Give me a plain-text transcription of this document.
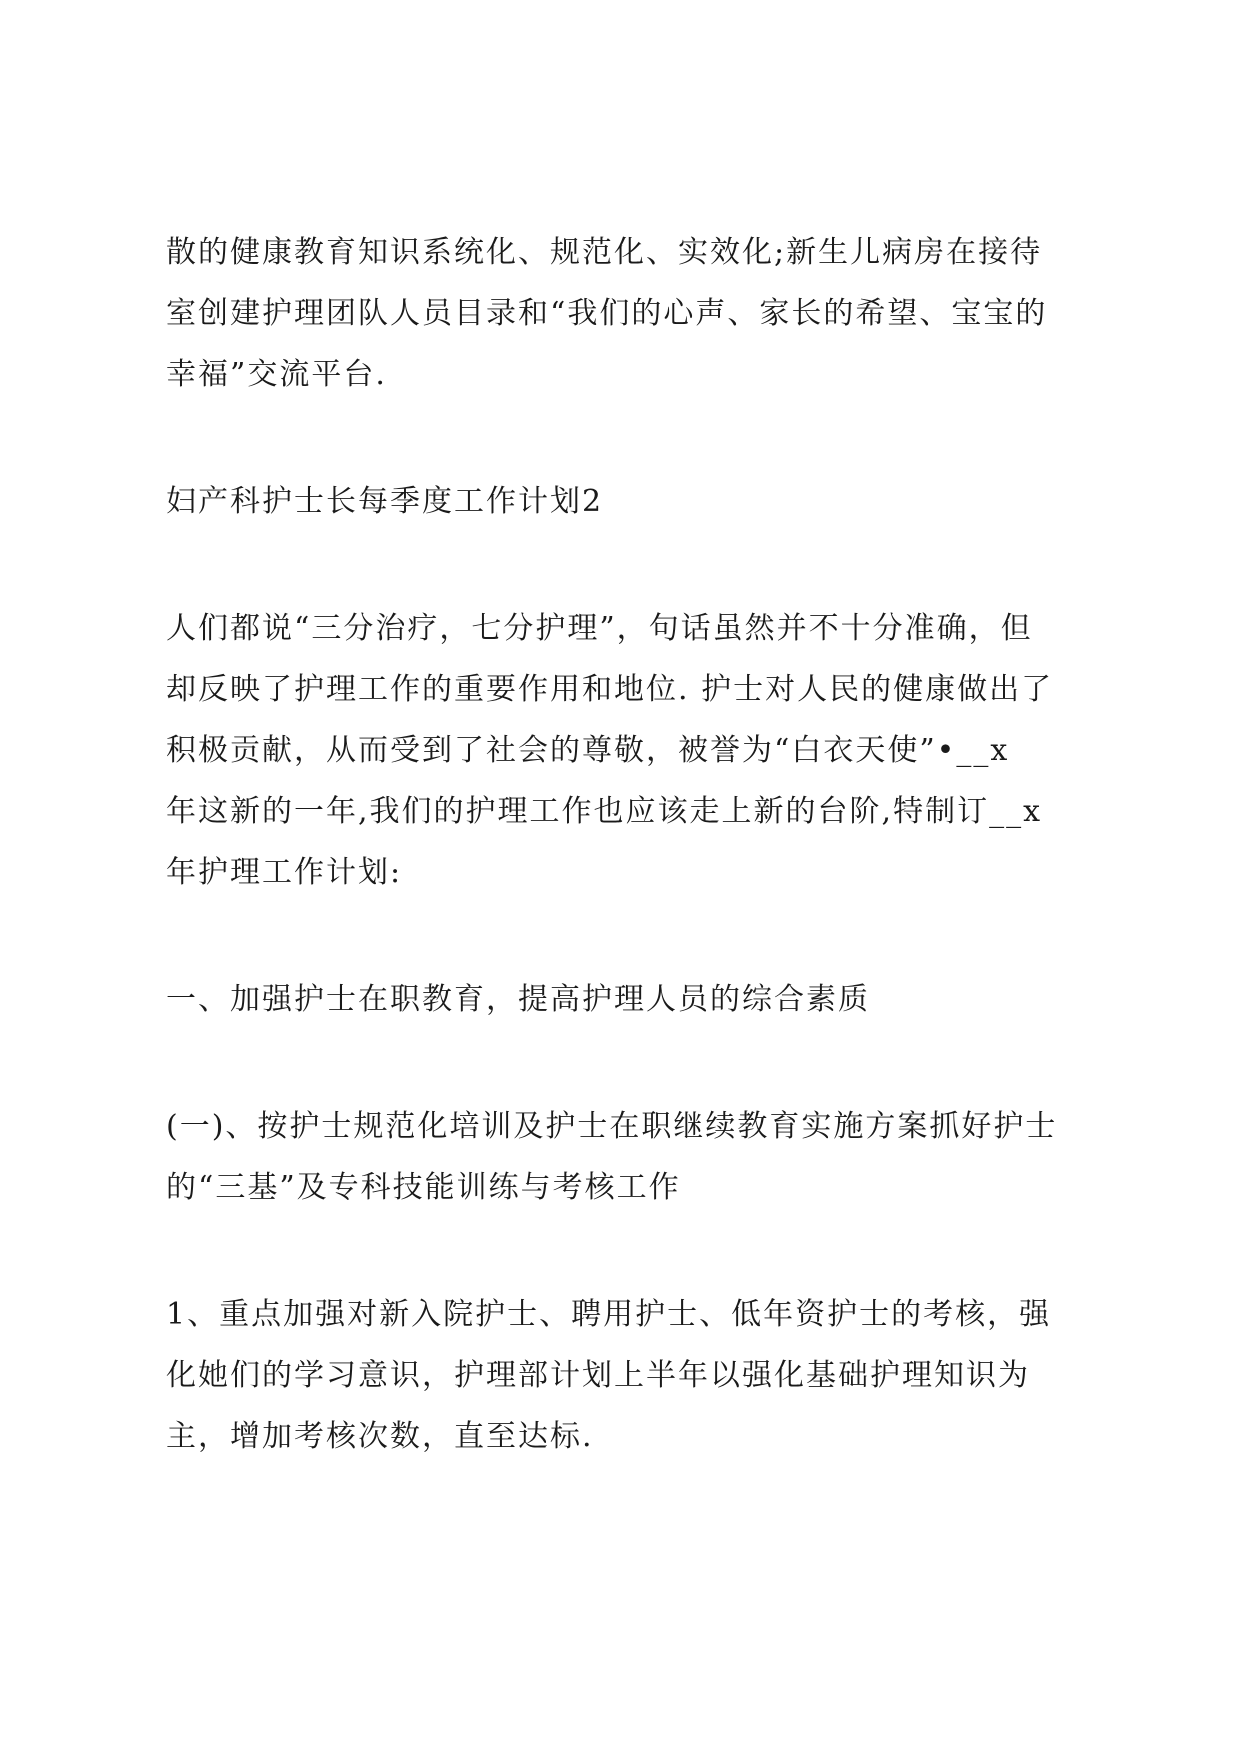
散的健康教育知识系统化、规范化、实效化;新生儿病房在接待
室创建护理团队人员目录和“我们的心声、家长的希望、宝宝的
幸福”交流平台.
妇产科护士长每季度工作计划2
人们都说“三分治疗，七分护理”，句话虽然并不十分准确，但
却反映了护理工作的重要作用和地位. 护士对人民的健康做出了
积极贡献，从而受到了社会的尊敬，被誉为“白衣天使”•__x
年这新的一年,我们的护理工作也应该走上新的台阶,特制订__x
年护理工作计划:
一、加强护士在职教育，提高护理人员的综合素质
(一)、按护士规范化培训及护士在职继续教育实施方案抓好护士
的“三基”及专科技能训练与考核工作
1、重点加强对新入院护士、聘用护士、低年资护士的考核，强
化她们的学习意识，护理部计划上半年以强化基础护理知识为
主，增加考核次数，直至达标.
